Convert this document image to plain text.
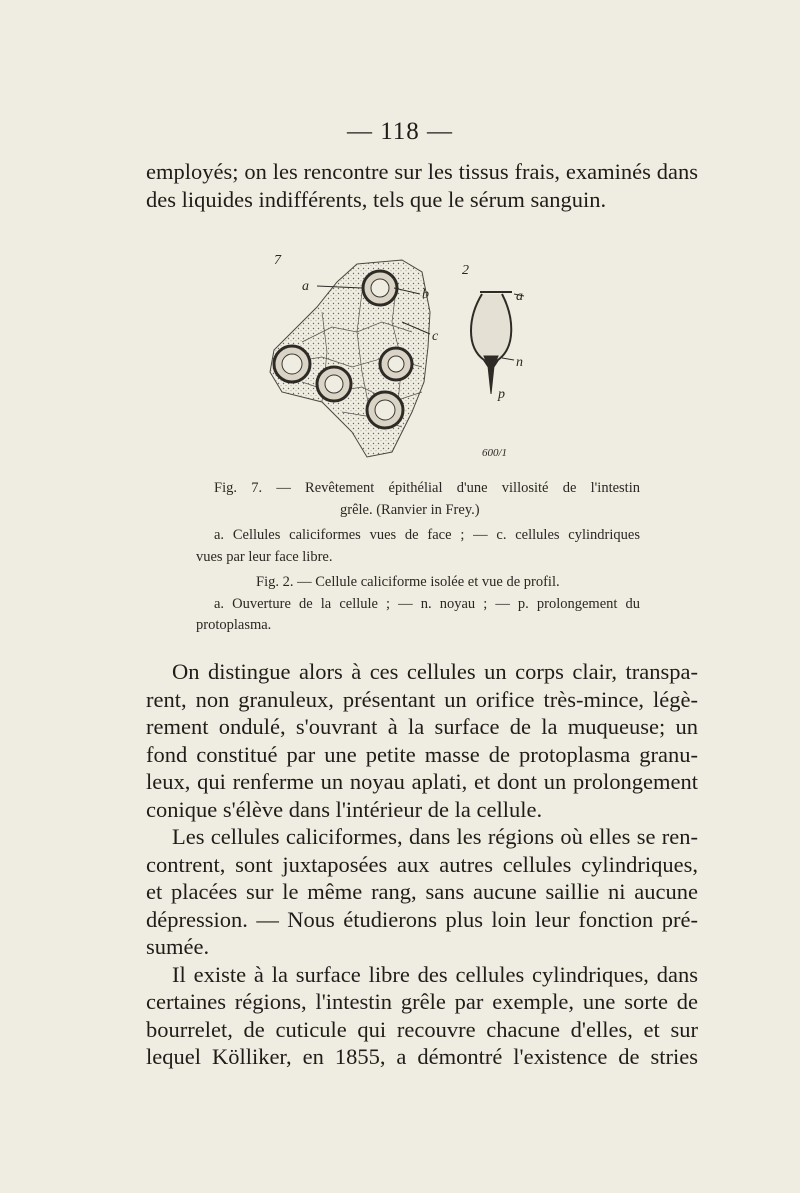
— 118 —
employés; on les rencontre sur les tissus frais, examinés dans
des liquides indifférents, tels que le sérum sanguin.
7
a
b
c
2
a
n
p
600/1
Fig. 7. — Revêtement épithélial d'une villosité de l'intestin
grêle. (Ranvier in Frey.)
a. Cellules caliciformes vues de face ; — c. cellules cylindriques
vues par leur face libre.
Fig. 2. — Cellule caliciforme isolée et vue de profil.
a. Ouverture de la cellule ; — n. noyau ; — p. prolongement du
protoplasma.
On distingue alors à ces cellules un corps clair, transpa-
rent, non granuleux, présentant un orifice très-mince, légè-
rement ondulé, s'ouvrant à la surface de la muqueuse; un
fond constitué par une petite masse de protoplasma granu-
leux, qui renferme un noyau aplati, et dont un prolongement
conique s'élève dans l'intérieur de la cellule.
Les cellules caliciformes, dans les régions où elles se ren-
contrent, sont juxtaposées aux autres cellules cylindriques,
et placées sur le même rang, sans aucune saillie ni aucune
dépression. — Nous étudierons plus loin leur fonction pré-
sumée.
Il existe à la surface libre des cellules cylindriques, dans
certaines régions, l'intestin grêle par exemple, une sorte de
bourrelet, de cuticule qui recouvre chacune d'elles, et sur
lequel Kölliker, en 1855, a démontré l'existence de stries
